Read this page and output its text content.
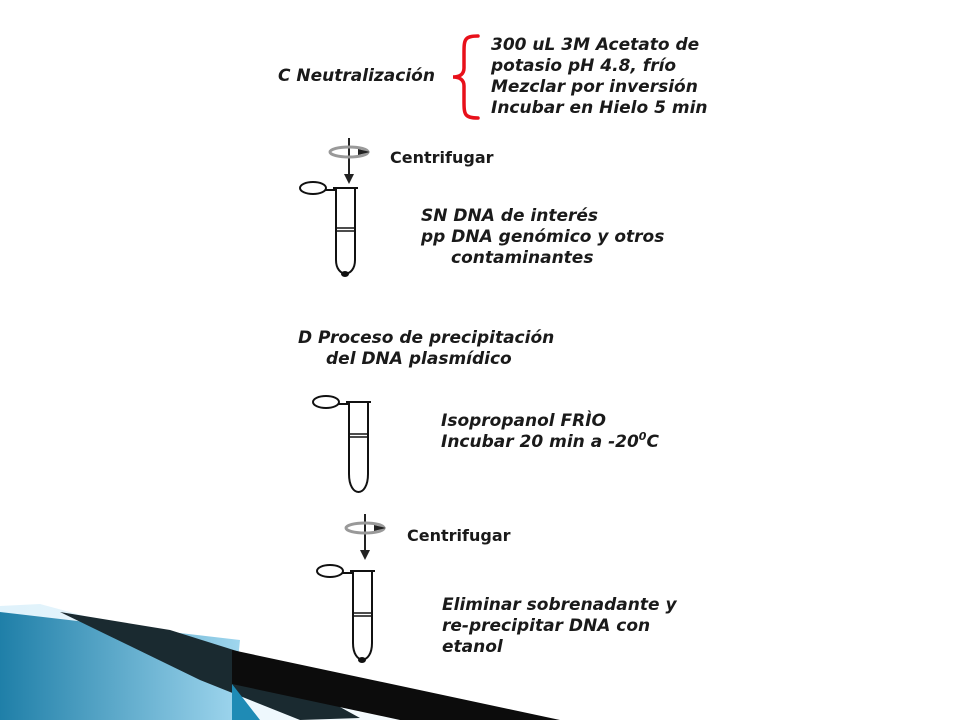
C Neutralización
300 uL 3M Acetato de
potasio pH 4.8, frío
Mezclar por inversión
Incubar en Hielo 5 min
Centrifugar
SN DNA de interés
pp DNA genómico y otros
contaminantes
D Proceso de precipitación
del DNA plasmídico
Isopropanol FRÌO
Incubar 20 min a $-20^0C$
Centrifugar
Eliminar sobrenadante y
re-precipitar DNA con
etanol
